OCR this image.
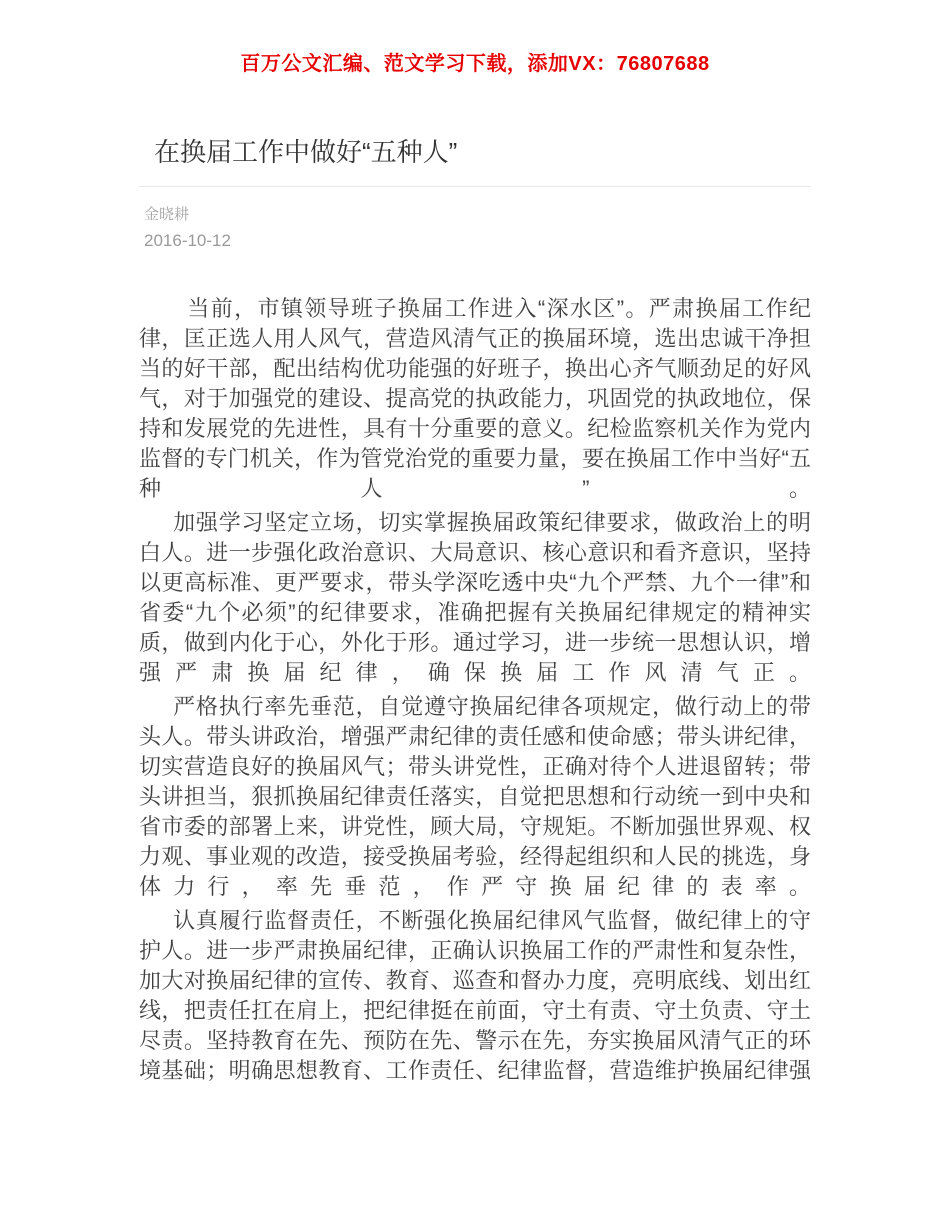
百万公文汇编、范文学习下载，添加VX：76807688
在换届工作中做好“五种人”
金晓耕
2016-10-12

当前，市镇领导班子换届工作进入“深水区”。严肃换届工作纪律，匡正选人用人风气，营造风清气正的换届环境，选出忠诚干净担当的好干部，配出结构优功能强的好班子，换出心齐气顺劲足的好风气，对于加强党的建设、提高党的执政能力，巩固党的执政地位，保持和发展党的先进性，具有十分重要的意义。纪检监察机关作为党内监督的专门机关，作为管党治党的重要力量，要在换届工作中当好“五种人”。

加强学习坚定立场，切实掌握换届政策纪律要求，做政治上的明白人。进一步强化政治意识、大局意识、核心意识和看齐意识，坚持以更高标准、更严要求，带头学深吃透中央“九个严禁、九个一律”和省委“九个必须”的纪律要求，准确把握有关换届纪律规定的精神实质，做到内化于心，外化于形。通过学习，进一步统一思想认识，增强严肃换届纪律，确保换届工作风清气正。

严格执行率先垂范，自觉遵守换届纪律各项规定，做行动上的带头人。带头讲政治，增强严肃纪律的责任感和使命感；带头讲纪律，切实营造良好的换届风气；带头讲党性，正确对待个人进退留转；带头讲担当，狠抓换届纪律责任落实，自觉把思想和行动统一到中央和省市委的部署上来，讲党性，顾大局，守规矩。不断加强世界观、权力观、事业观的改造，接受换届考验，经得起组织和人民的挑选，身体力行，率先垂范，作严守换届纪律的表率。

认真履行监督责任，不断强化换届纪律风气监督，做纪律上的守护人。进一步严肃换届纪律，正确认识换届工作的严肃性和复杂性，加大对换届纪律的宣传、教育、巡查和督办力度，亮明底线、划出红线，把责任扛在肩上，把纪律挺在前面，守土有责、守土负责、守土尽责。坚持教育在先、预防在先、警示在先，夯实换届风清气正的环境基础；明确思想教育、工作责任、纪律监督，营造维护换届纪律强
